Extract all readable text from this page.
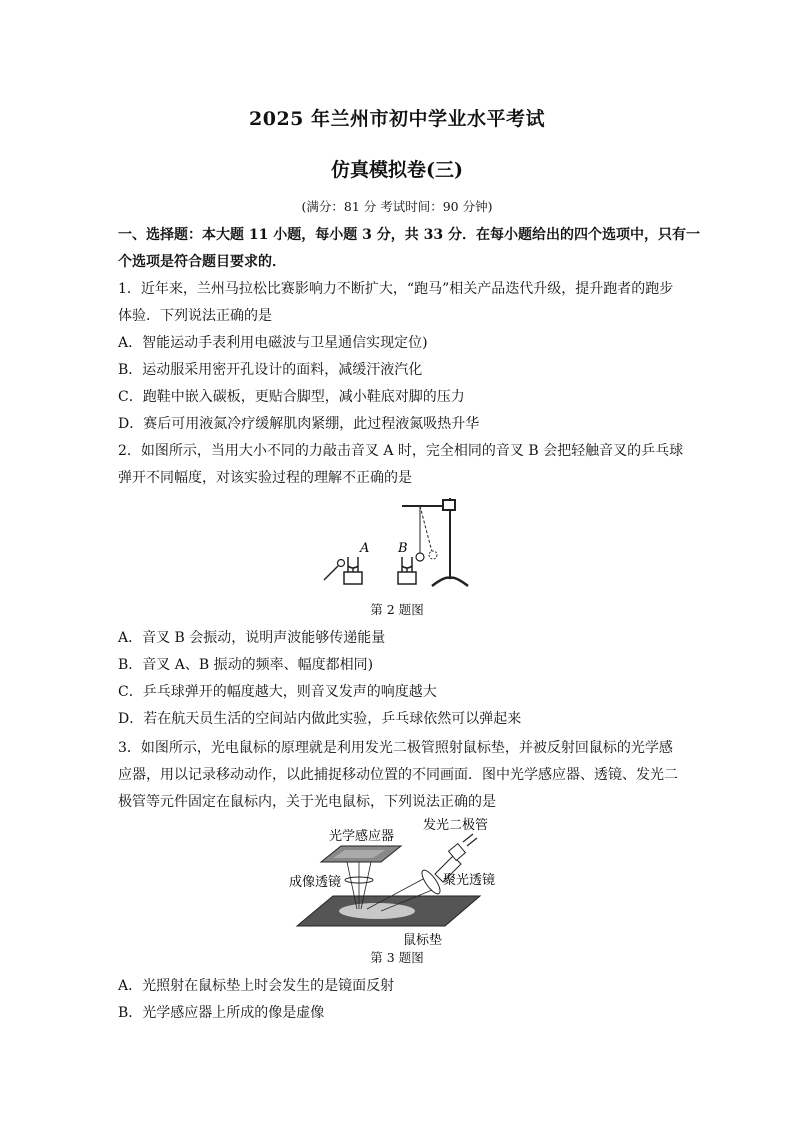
2025 年兰州市初中学业水平考试
仿真模拟卷(三)
(满分：81 分 考试时间：90 分钟)
一、选择题：本大题 11 小题，每小题 3 分，共 33 分．在每小题给出的四个选项中，只有一
个选项是符合题目要求的．
1．近年来，兰州马拉松比赛影响力不断扩大，“跑马”相关产品迭代升级，提升跑者的跑步
体验．下列说法正确的是
A．智能运动手表利用电磁波与卫星通信实现定位)
B．运动服采用密开孔设计的面料，减缓汗液汽化
C．跑鞋中嵌入碳板，更贴合脚型，减小鞋底对脚的压力
D．赛后可用液氮冷疗缓解肌肉紧绷，此过程液氮吸热升华
2．如图所示，当用大小不同的力敲击音叉 A 时，完全相同的音叉 B 会把轻触音叉的乒乓球
弹开不同幅度，对该实验过程的理解不正确的是
A B
第 2 题图
A．音叉 B 会振动，说明声波能够传递能量
B．音叉 A、B 振动的频率、幅度都相同)
C．乒乓球弹开的幅度越大，则音叉发声的响度越大
D．若在航天员生活的空间站内做此实验，乒乓球依然可以弹起来
3．如图所示，光电鼠标的原理就是利用发光二极管照射鼠标垫，并被反射回鼠标的光学感
应器，用以记录移动动作，以此捕捉移动位置的不同画面．图中光学感应器、透镜、发光二
极管等元件固定在鼠标内，关于光电鼠标，下列说法正确的是
光学感应器
发光二极管
成像透镜	聚光透镜
鼠标垫
第 3 题图
A．光照射在鼠标垫上时会发生的是镜面反射
B．光学感应器上所成的像是虚像
